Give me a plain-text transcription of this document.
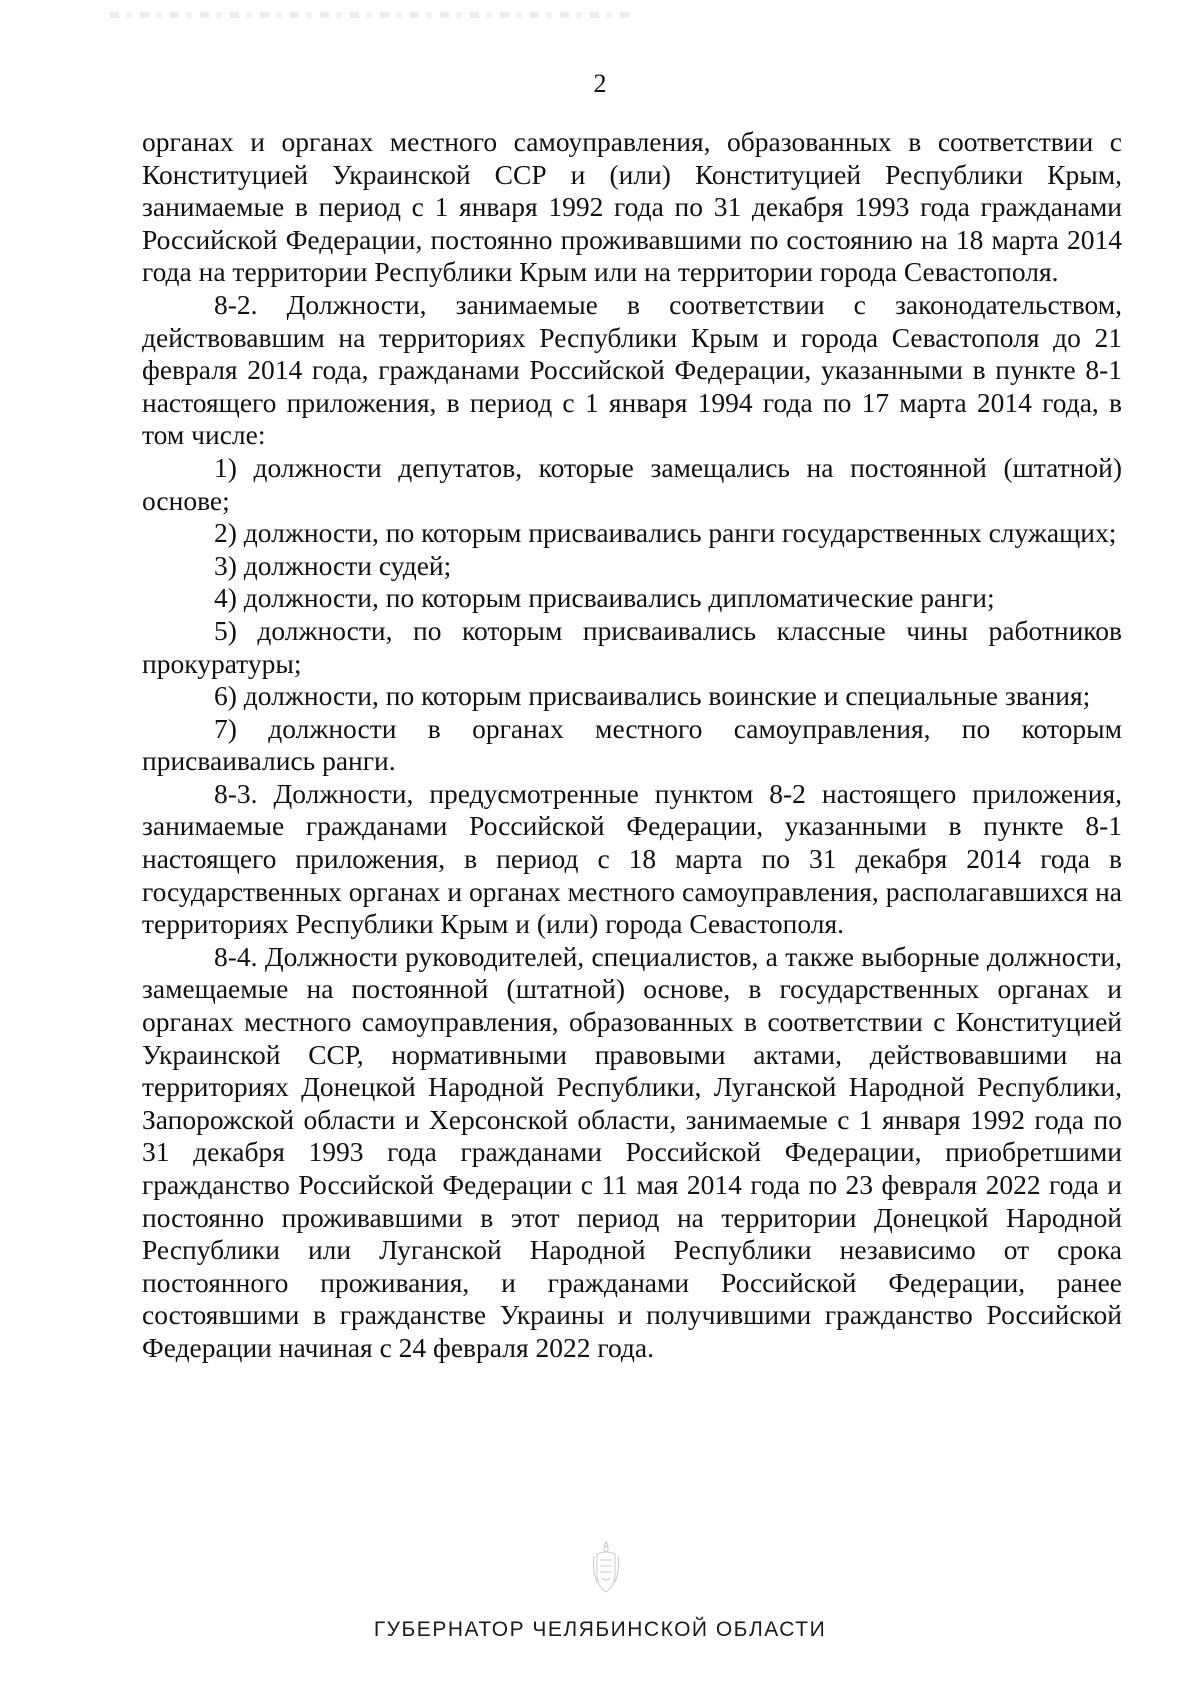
2

органах и органах местного самоуправления, образованных в соответствии с Конституцией Украинской ССР и (или) Конституцией Республики Крым, занимаемые в период с 1 января 1992 года по 31 декабря 1993 года гражданами Российской Федерации, постоянно проживавшими по состоянию на 18 марта 2014 года на территории Республики Крым или на территории города Севастополя.

8-2. Должности, занимаемые в соответствии с законодательством, действовавшим на территориях Республики Крым и города Севастополя до 21 февраля 2014 года, гражданами Российской Федерации, указанными в пункте 8-1 настоящего приложения, в период с 1 января 1994 года по 17 марта 2014 года, в том числе:

1) должности депутатов, которые замещались на постоянной (штатной) основе;

2) должности, по которым присваивались ранги государственных служащих;

3) должности судей;

4) должности, по которым присваивались дипломатические ранги;

5) должности, по которым присваивались классные чины работников прокуратуры;

6) должности, по которым присваивались воинские и специальные звания;

7) должности в органах местного самоуправления, по которым присваивались ранги.

8-3. Должности, предусмотренные пунктом 8-2 настоящего приложения, занимаемые гражданами Российской Федерации, указанными в пункте 8-1 настоящего приложения, в период с 18 марта по 31 декабря 2014 года в государственных органах и органах местного самоуправления, располагавшихся на территориях Республики Крым и (или) города Севастополя.

8-4. Должности руководителей, специалистов, а также выборные должности, замещаемые на постоянной (штатной) основе, в государственных органах и органах местного самоуправления, образованных в соответствии с Конституцией Украинской ССР, нормативными правовыми актами, действовавшими на территориях Донецкой Народной Республики, Луганской Народной Республики, Запорожской области и Херсонской области, занимаемые с 1 января 1992 года по 31 декабря 1993 года гражданами Российской Федерации, приобретшими гражданство Российской Федерации с 11 мая 2014 года по 23 февраля 2022 года и постоянно проживавшими в этот период на территории Донецкой Народной Республики или Луганской Народной Республики независимо от срока постоянного проживания, и гражданами Российской Федерации, ранее состоявшими в гражданстве Украины и получившими гражданство Российской Федерации начиная с 24 февраля 2022 года.

ГУБЕРНАТОР ЧЕЛЯБИНСКОЙ ОБЛАСТИ
